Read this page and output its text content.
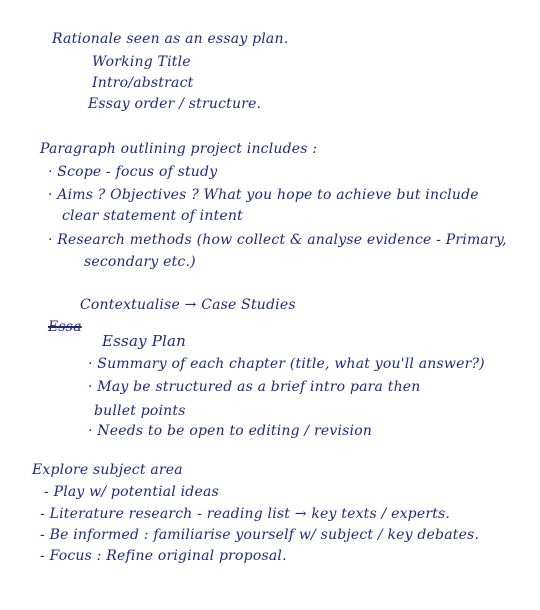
Rationale seen as an essay plan.
Working Title
Intro/abstract
Essay order / structure.
Paragraph outlining project includes :
· Scope - focus of study
· Aims ? Objectives ? What you hope to achieve but include
clear statement of intent
· Research methods (how collect & analyse evidence - Primary,
secondary etc.)
Contextualise → Case Studies
Essa
Essay Plan
· Summary of each chapter (title, what you'll answer?)
· May be structured as a brief intro para then
bullet points
· Needs to be open to editing / revision
Explore subject area
- Play w/ potential ideas
- Literature research - reading list → key texts / experts.
- Be informed : familiarise yourself w/ subject / key debates.
- Focus : Refine original proposal.
